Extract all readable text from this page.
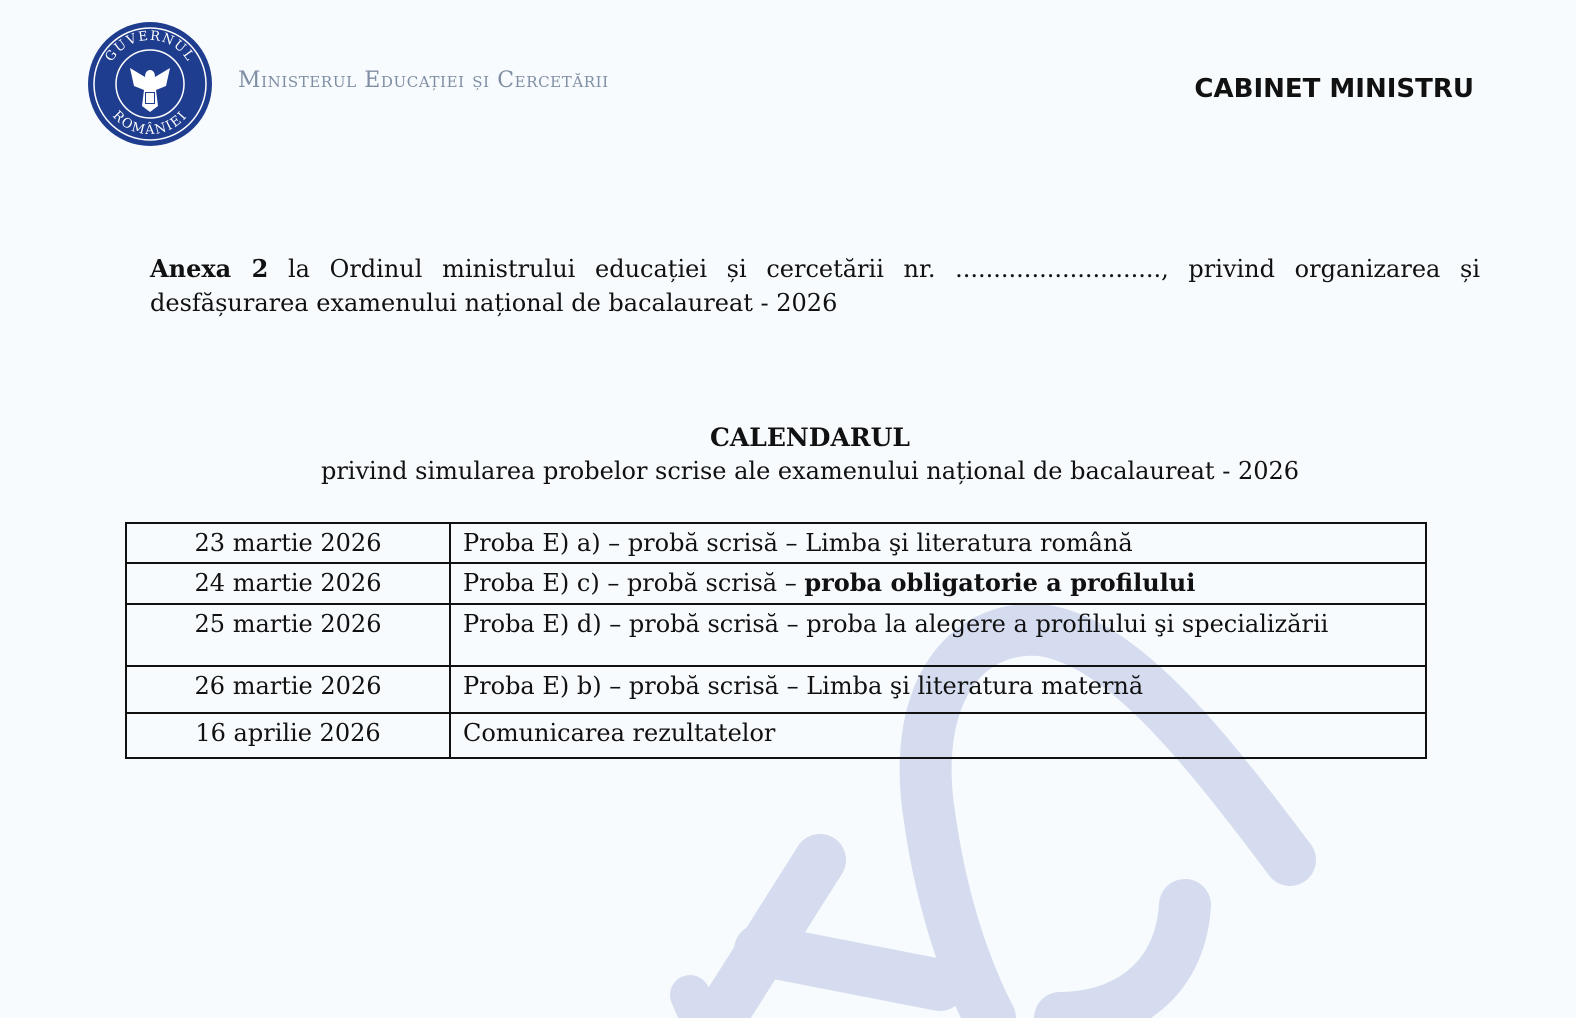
GUVERNUL
ROMÂNIEI
Ministerul Educației și Cercetării	CABINET MINISTRU
Anexa 2 la Ordinul ministrului educației și cercetării nr. ..........................., privind organizarea și desfășurarea examenului național de bacalaureat - 2026
CALENDARUL
privind simularea probelor scrise ale examenului național de bacalaureat - 2026
23 martie 2026	Proba E) a) – probă scrisă – Limba şi literatura română
24 martie 2026	Proba E) c) – probă scrisă – proba obligatorie a profilului
25 martie 2026	Proba E) d) – probă scrisă – proba la alegere a profilului şi specializării
26 martie 2026	Proba E) b) – probă scrisă – Limba şi literatura maternă
16 aprilie 2026	Comunicarea rezultatelor
